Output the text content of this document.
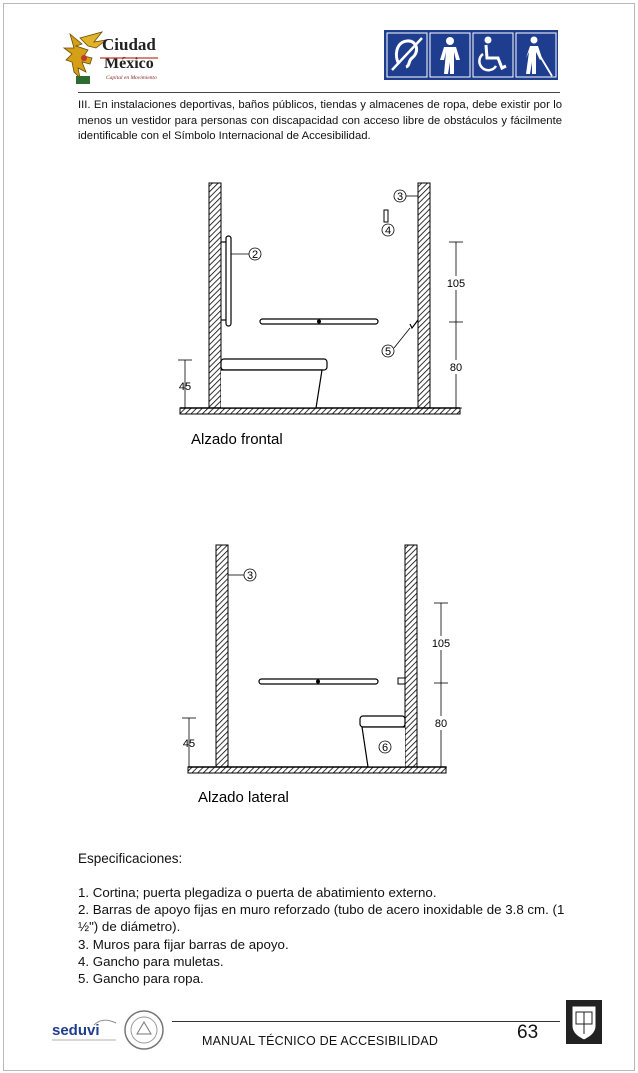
Ciudad
México
Capital en Movimiento

III. En instalaciones deportivas, baños públicos, tiendas y almacenes de ropa, debe existir por lo menos un vestidor para personas con discapacidad con acceso libre de obstáculos y fácilmente identificable con el Símbolo Internacional de Accesibilidad.

3
4
2
5
105
80
45
Alzado frontal
3
6
105
80
45
Alzado lateral
Especificaciones:
1. Cortina; puerta plegadiza o puerta de abatimiento externo.
2. Barras de apoyo fijas en muro reforzado (tubo de acero inoxidable de 3.8 cm. (1 ½") de diámetro).
3. Muros para fijar barras de apoyo.
4. Gancho para muletas.
5. Gancho para ropa.
seduvi
MANUAL TÉCNICO DE ACCESIBILIDAD	63
